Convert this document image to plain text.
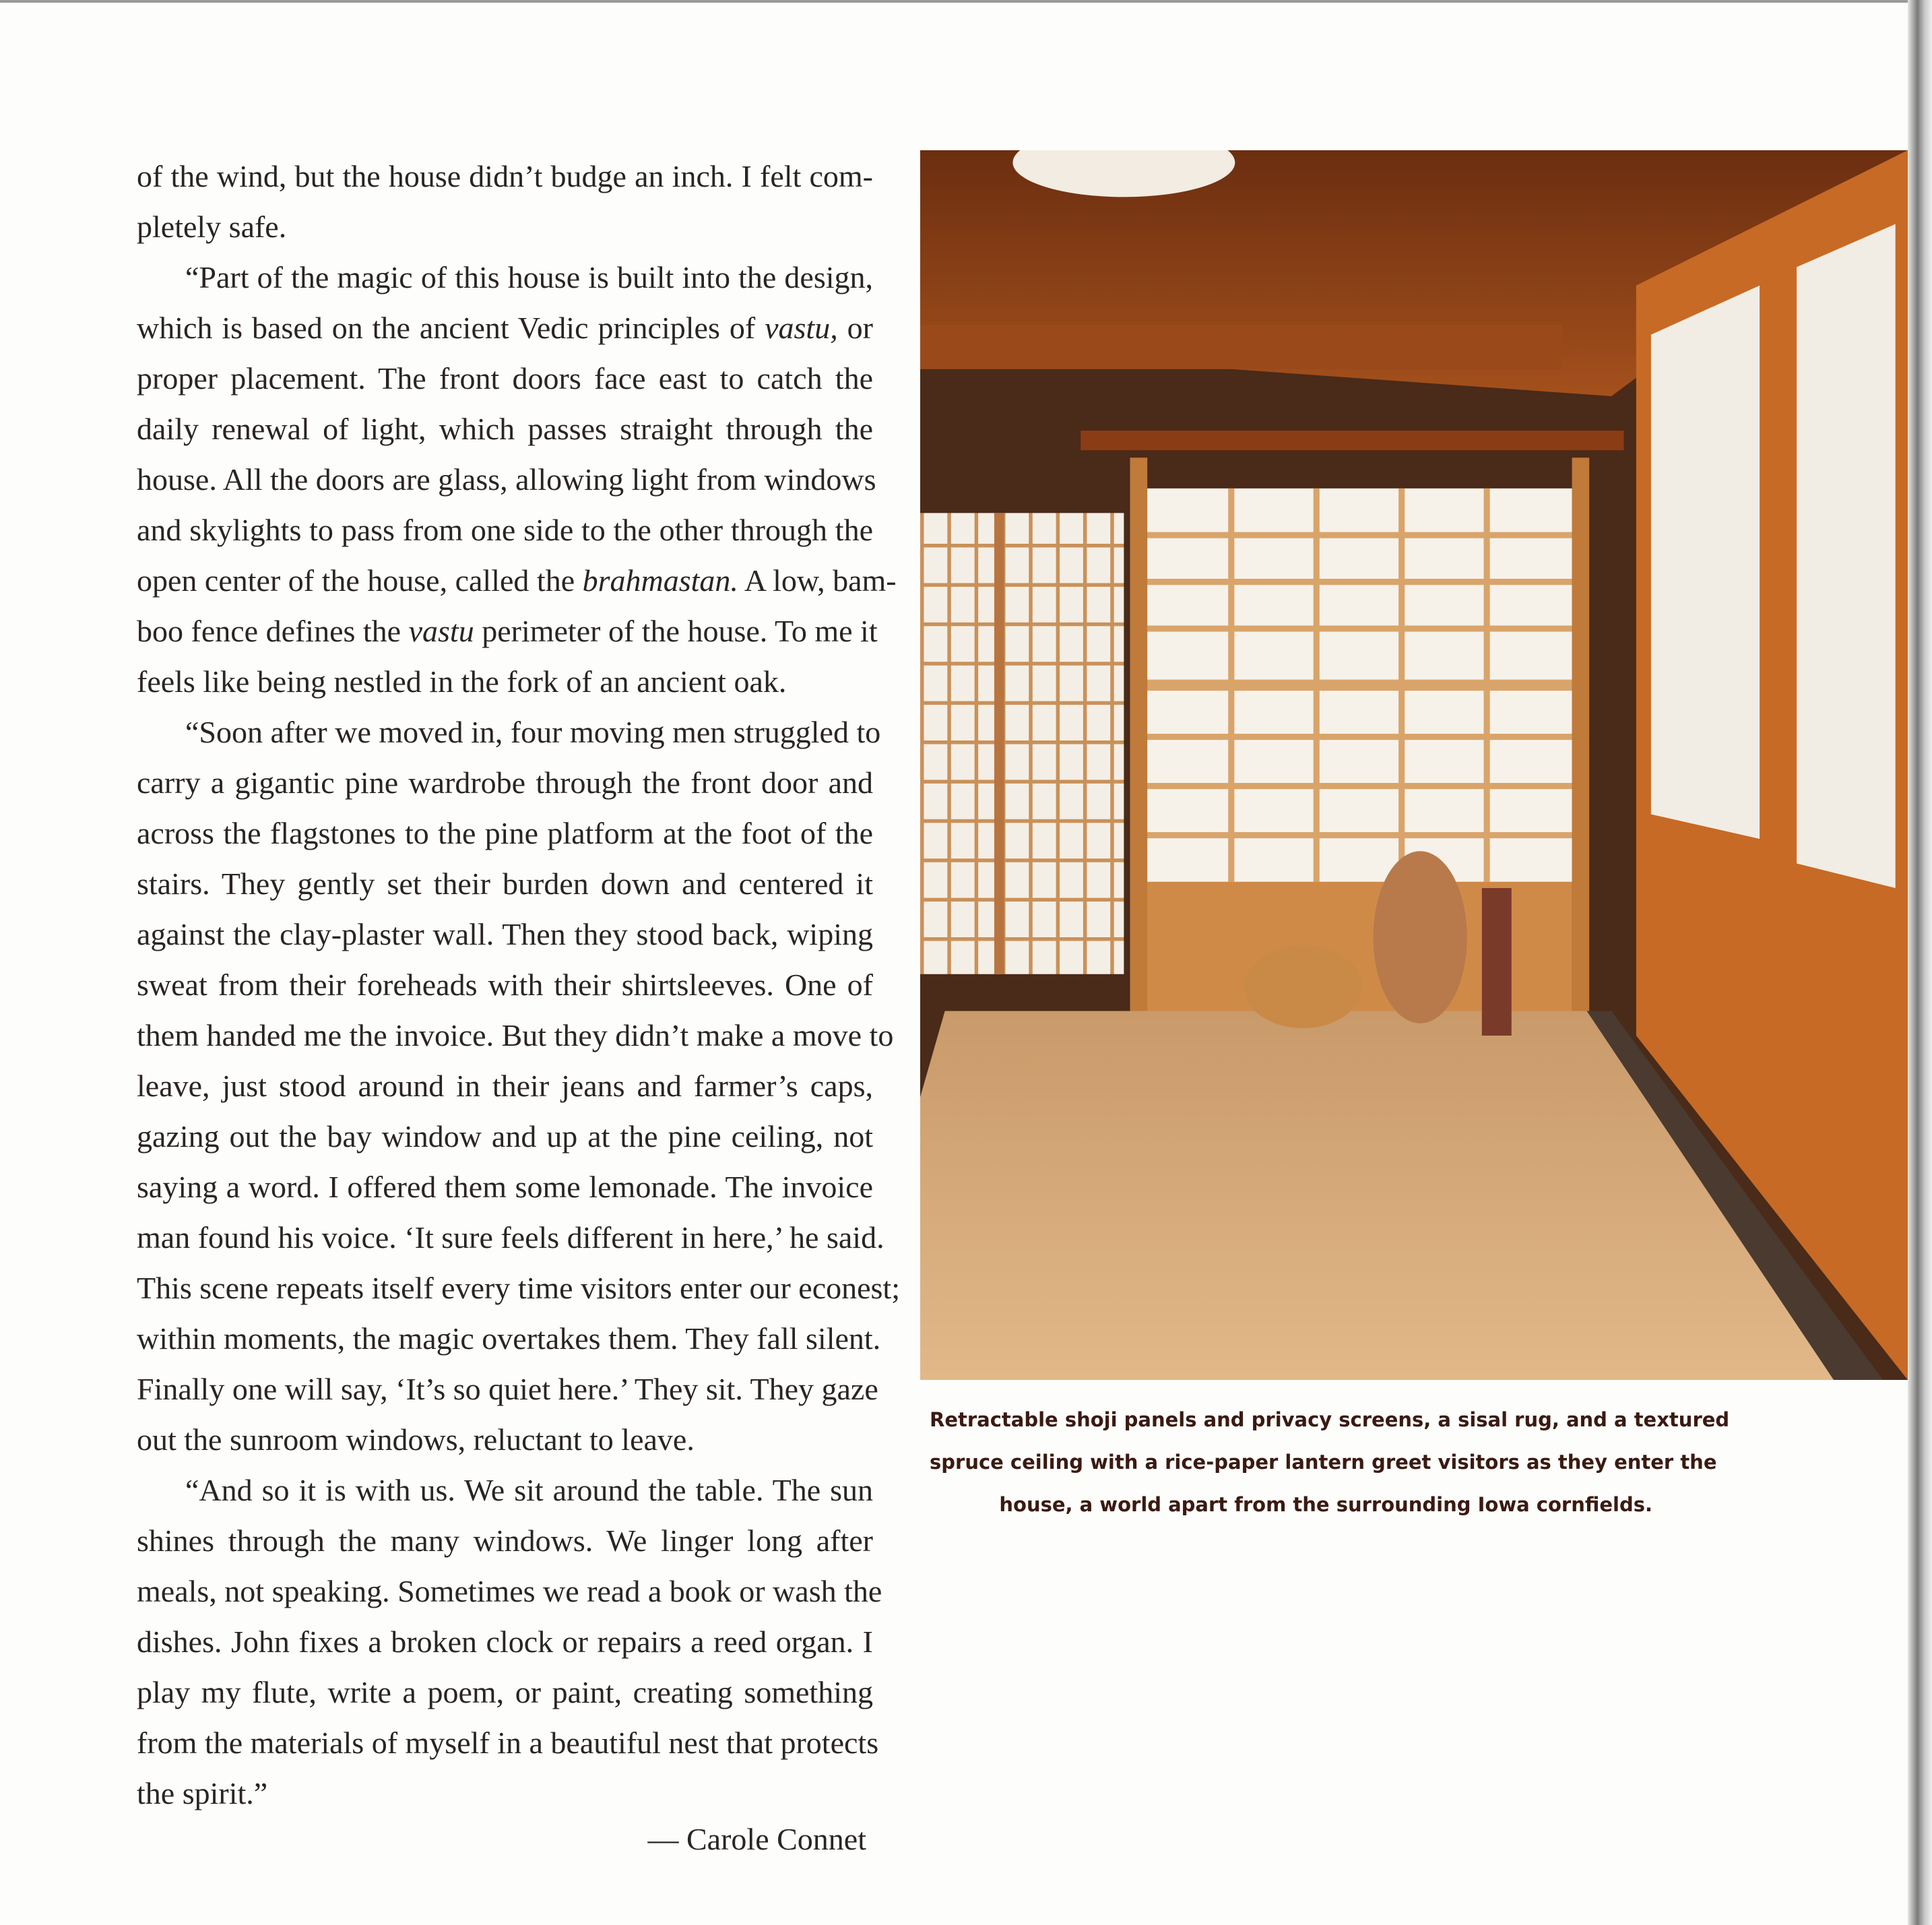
of the wind, but the house didn’t budge an inch. I felt com-
pletely safe.
“Part of the magic of this house is built into the design,
which is based on the ancient Vedic principles of vastu, or
proper placement. The front doors face east to catch the
daily renewal of light, which passes straight through the
house. All the doors are glass, allowing light from windows
and skylights to pass from one side to the other through the
open center of the house, called the brahmastan. A low, bam-
boo fence defines the vastu perimeter of the house. To me it
feels like being nestled in the fork of an ancient oak.
“Soon after we moved in, four moving men struggled to
carry a gigantic pine wardrobe through the front door and
across the flagstones to the pine platform at the foot of the
stairs. They gently set their burden down and centered it
against the clay-plaster wall. Then they stood back, wiping
sweat from their foreheads with their shirtsleeves. One of
them handed me the invoice. But they didn’t make a move to
leave, just stood around in their jeans and farmer’s caps,
gazing out the bay window and up at the pine ceiling, not
saying a word. I offered them some lemonade. The invoice
man found his voice. ‘It sure feels different in here,’ he said.
This scene repeats itself every time visitors enter our econest;
within moments, the magic overtakes them. They fall silent.
Finally one will say, ‘It’s so quiet here.’ They sit. They gaze
out the sunroom windows, reluctant to leave.
“And so it is with us. We sit around the table. The sun
shines through the many windows. We linger long after
meals, not speaking. Sometimes we read a book or wash the
dishes. John fixes a broken clock or repairs a reed organ. I
play my flute, write a poem, or paint, creating something
from the materials of myself in a beautiful nest that protects
the spirit.”
— Carole Connet
Retractable shoji panels and privacy screens, a sisal rug, and a textured
spruce ceiling with a rice-paper lantern greet visitors as they enter the
house, a world apart from the surrounding Iowa cornfields.
